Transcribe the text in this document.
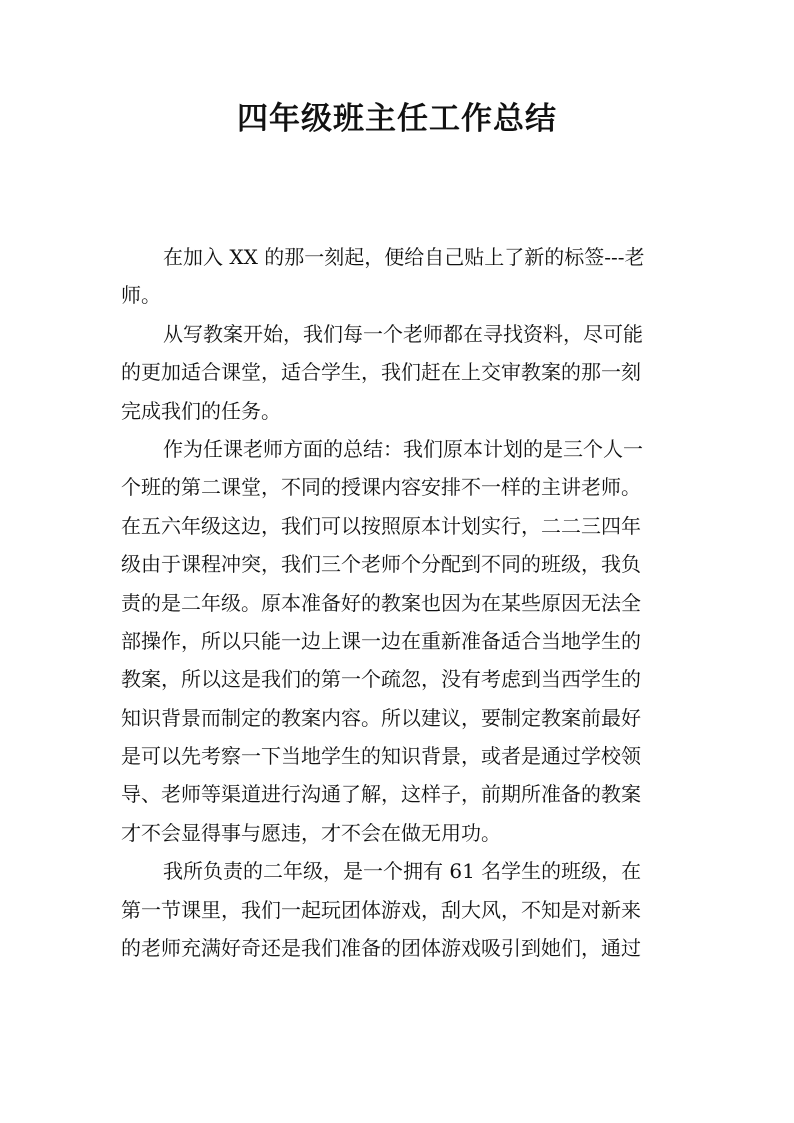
四年级班主任工作总结
在加入 XX 的那一刻起，便给自己贴上了新的标签---老
师。
从写教案开始，我们每一个老师都在寻找资料，尽可能
的更加适合课堂，适合学生，我们赶在上交审教案的那一刻
完成我们的任务。
作为任课老师方面的总结：我们原本计划的是三个人一
个班的第二课堂，不同的授课内容安排不一样的主讲老师。
在五六年级这边，我们可以按照原本计划实行，二二三四年
级由于课程冲突，我们三个老师个分配到不同的班级，我负
责的是二年级。原本准备好的教案也因为在某些原因无法全
部操作，所以只能一边上课一边在重新准备适合当地学生的
教案，所以这是我们的第一个疏忽，没有考虑到当西学生的
知识背景而制定的教案内容。所以建议，要制定教案前最好
是可以先考察一下当地学生的知识背景，或者是通过学校领
导、老师等渠道进行沟通了解，这样子，前期所准备的教案
才不会显得事与愿违，才不会在做无用功。
我所负责的二年级，是一个拥有 61 名学生的班级，在
第一节课里，我们一起玩团体游戏，刮大风，不知是对新来
的老师充满好奇还是我们准备的团体游戏吸引到她们，通过
